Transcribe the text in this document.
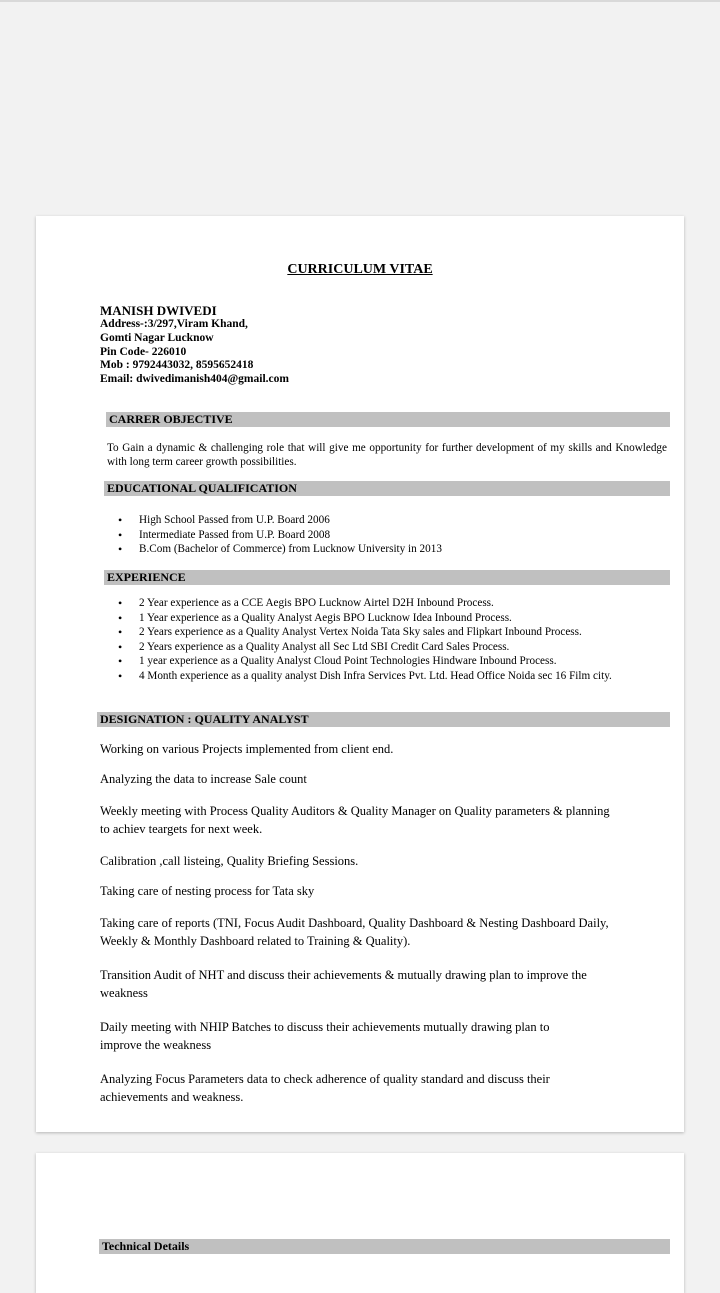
CURRICULUM VITAE
MANISH DWIVEDI
Address-:3/297,Viram Khand,
Gomti Nagar Lucknow
Pin Code- 226010
Mob : 9792443032, 8595652418
Email: dwivedimanish404@gmail.com
CARRER OBJECTIVE
To Gain a dynamic & challenging role that will give me opportunity for further development of my skills and Knowledge with long term career growth possibilities.
EDUCATIONAL QUALIFICATION
• High School Passed from U.P. Board 2006
• Intermediate Passed from U.P. Board 2008
• B.Com (Bachelor of Commerce) from Lucknow University in 2013
EXPERIENCE
• 2 Year experience as a CCE Aegis BPO Lucknow Airtel D2H Inbound Process.
• 1 Year experience as a Quality Analyst Aegis BPO Lucknow Idea Inbound Process.
• 2 Years experience as a Quality Analyst Vertex Noida Tata Sky sales and Flipkart Inbound Process.
• 2 Years experience as a Quality Analyst all Sec Ltd SBI Credit Card Sales Process.
• 1 year experience as a Quality Analyst Cloud Point Technologies Hindware Inbound Process.
• 4 Month experience as a quality analyst Dish Infra Services Pvt. Ltd. Head Office Noida sec 16 Film city.
DESIGNATION : QUALITY ANALYST
Working on various Projects implemented from client end.
Analyzing the data to increase Sale count
Weekly meeting with Process Quality Auditors & Quality Manager on Quality parameters & planning to achiev teargets for next week.
Calibration ,call listeing, Quality Briefing Sessions.
Taking care of nesting process for Tata sky
Taking care of reports (TNI, Focus Audit Dashboard, Quality Dashboard & Nesting Dashboard Daily, Weekly & Monthly Dashboard related to Training & Quality).
Transition Audit of NHT and discuss their achievements & mutually drawing plan to improve the weakness
Daily meeting with NHIP Batches to discuss their achievements mutually drawing plan to improve the weakness
Analyzing Focus Parameters data to check adherence of quality standard and discuss their achievements and weakness.
Technical Details
